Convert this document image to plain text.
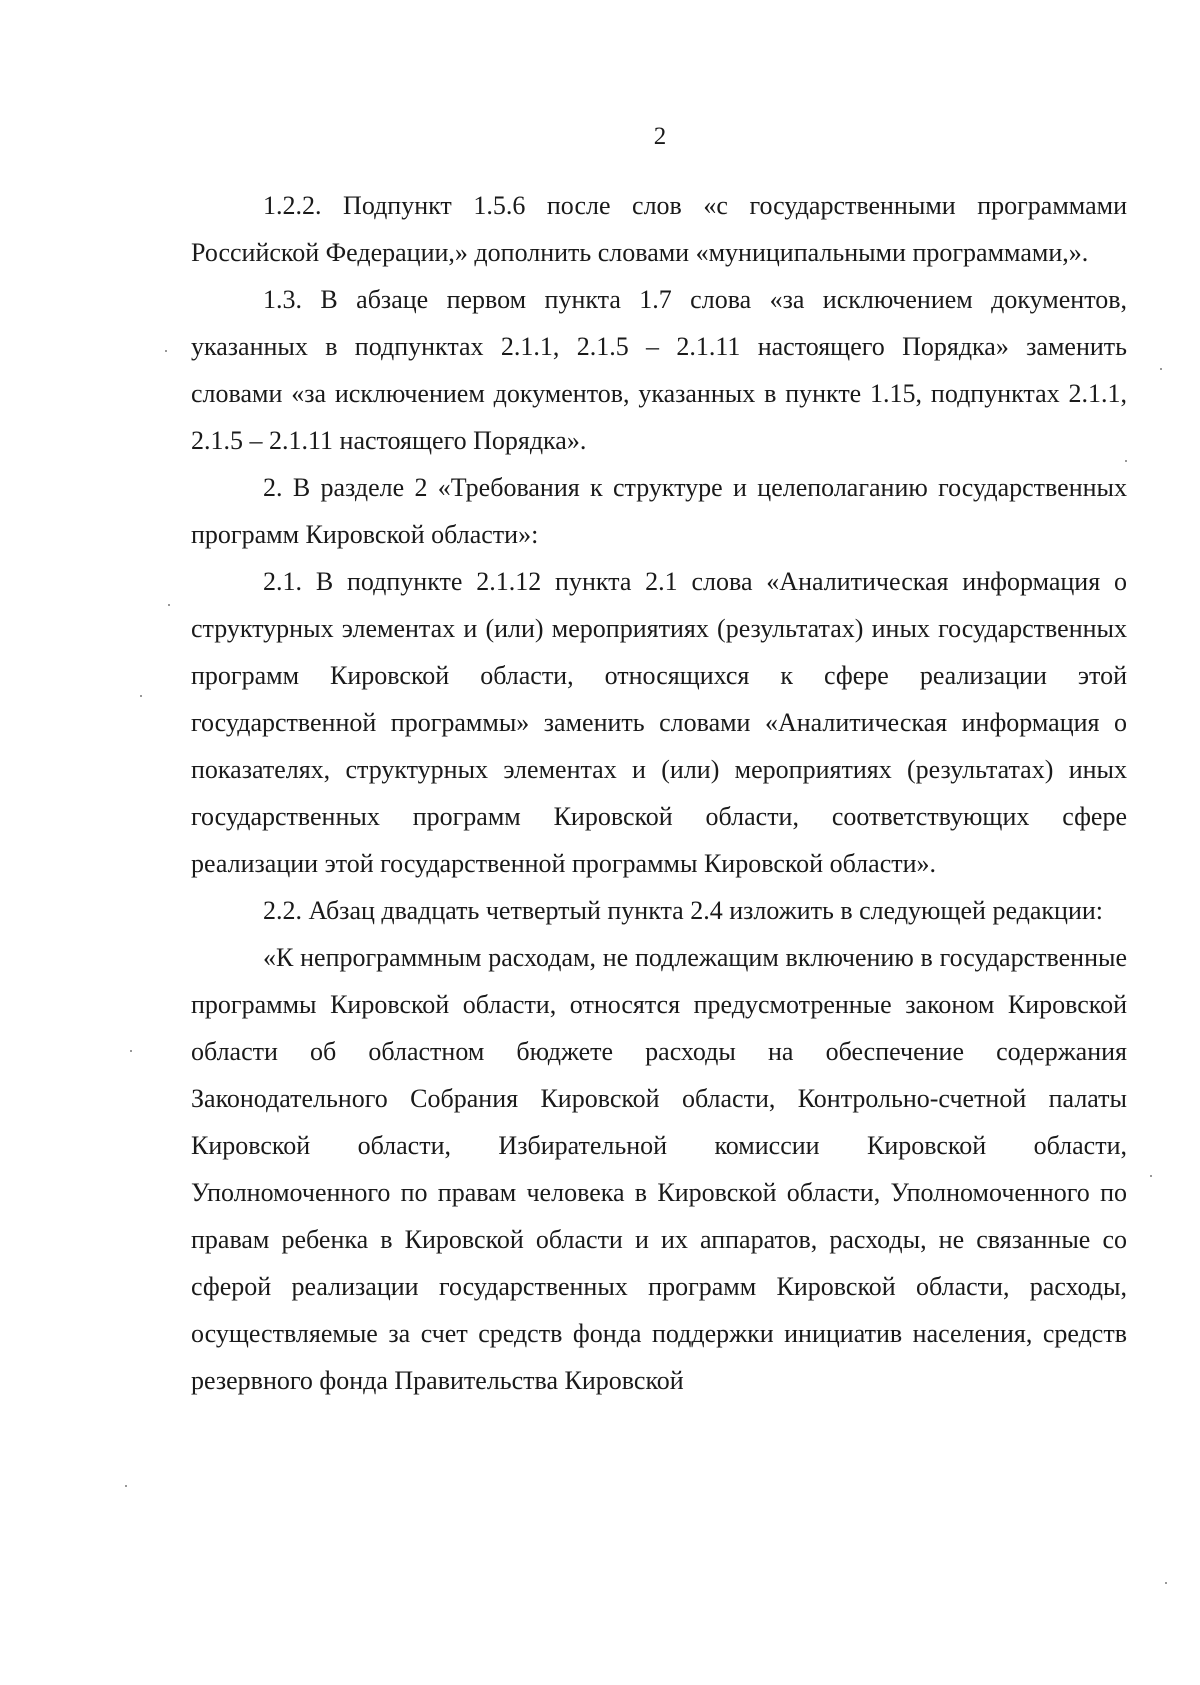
2

1.2.2. Подпункт 1.5.6 после слов «с государственными программами Российской Федерации,» дополнить словами «муниципальными программами,».

1.3. В абзаце первом пункта 1.7 слова «за исключением документов, указанных в подпунктах 2.1.1, 2.1.5 – 2.1.11 настоящего Порядка» заменить словами «за исключением документов, указанных в пункте 1.15, подпунктах 2.1.1, 2.1.5 – 2.1.11 настоящего Порядка».

2. В разделе 2 «Требования к структуре и целеполаганию государственных программ Кировской области»:

2.1. В подпункте 2.1.12 пункта 2.1 слова «Аналитическая информация о структурных элементах и (или) мероприятиях (результатах) иных государственных программ Кировской области, относящихся к сфере реализации этой государственной программы» заменить словами «Аналитическая информация о показателях, структурных элементах и (или) мероприятиях (результатах) иных государственных программ Кировской области, соответствующих сфере реализации этой государственной программы Кировской области».

2.2. Абзац двадцать четвертый пункта 2.4 изложить в следующей редакции:

«К непрограммным расходам, не подлежащим включению в государственные программы Кировской области, относятся предусмотренные законом Кировской области об областном бюджете расходы на обеспечение содержания Законодательного Собрания Кировской области, Контрольно-счетной палаты Кировской области, Избирательной комиссии Кировской области, Уполномоченного по правам человека в Кировской области, Уполномоченного по правам ребенка в Кировской области и их аппаратов, расходы, не связанные со сферой реализации государственных программ Кировской области, расходы, осуществляемые за счет средств фонда поддержки инициатив населения, средств резервного фонда Правительства Кировской
